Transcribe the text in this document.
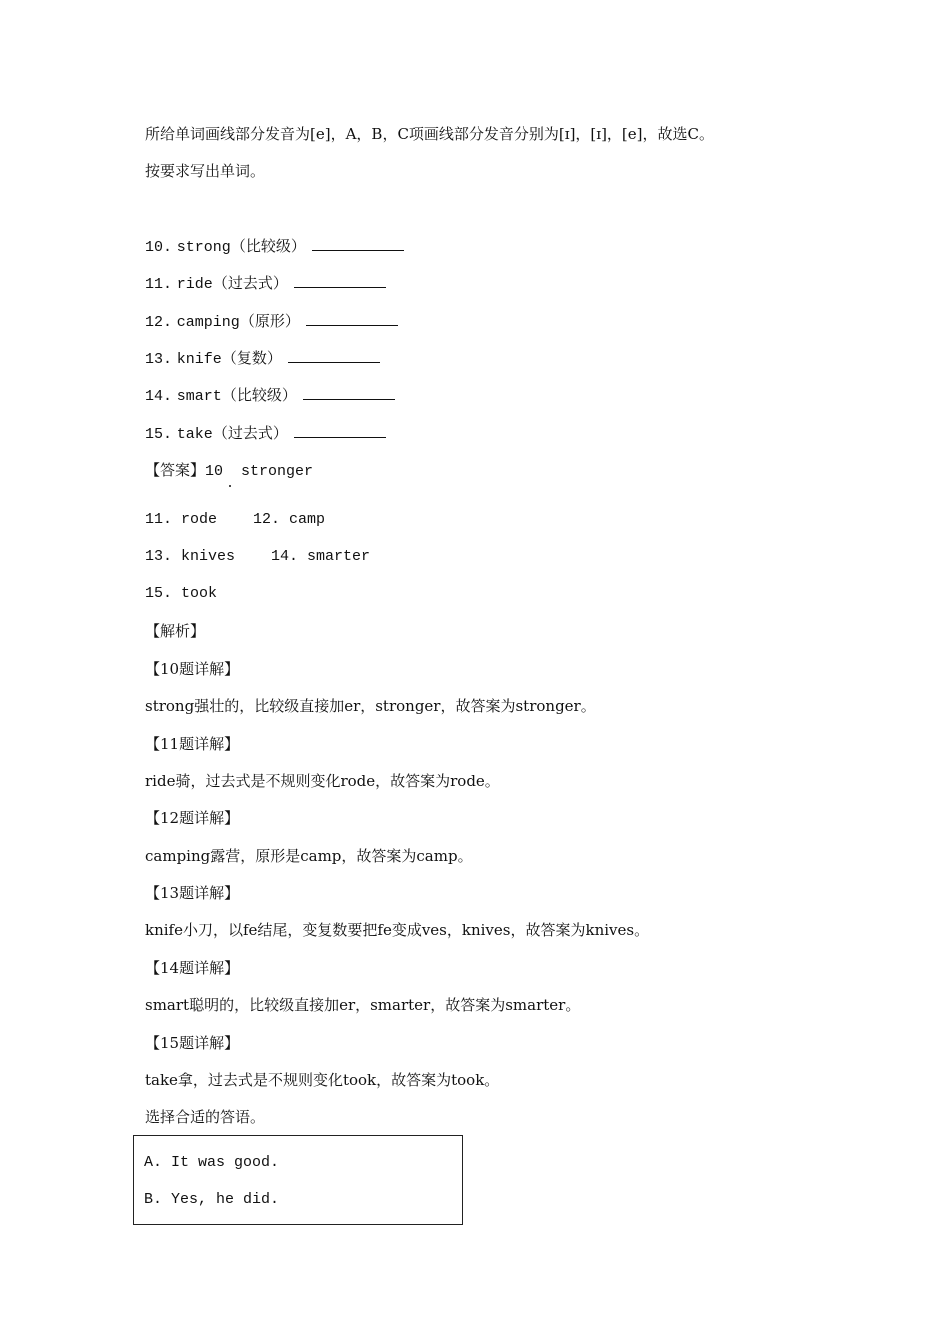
所给单词画线部分发音为[e]，A，B，C项画线部分发音分别为[ɪ]，[ɪ]，[e]，故选C。
按要求写出单词。
10. strong（比较级）
11. ride（过去式）
12. camping（原形）
13. knife（复数）
14. smart（比较级）
15. take（过去式）
【答案】10  stronger
11. rode    12. camp
13. knives    14. smarter
15. took
【解析】
【10题详解】
strong强壮的，比较级直接加er，stronger，故答案为stronger。
【11题详解】
ride骑，过去式是不规则变化rode，故答案为rode。
【12题详解】
camping露营，原形是camp，故答案为camp。
【13题详解】
knife小刀，以fe结尾，变复数要把fe变成ves，knives，故答案为knives。
【14题详解】
smart聪明的，比较级直接加er，smarter，故答案为smarter。
【15题详解】
take拿，过去式是不规则变化took，故答案为took。
选择合适的答语。
A. It was good.
B. Yes, he did.
